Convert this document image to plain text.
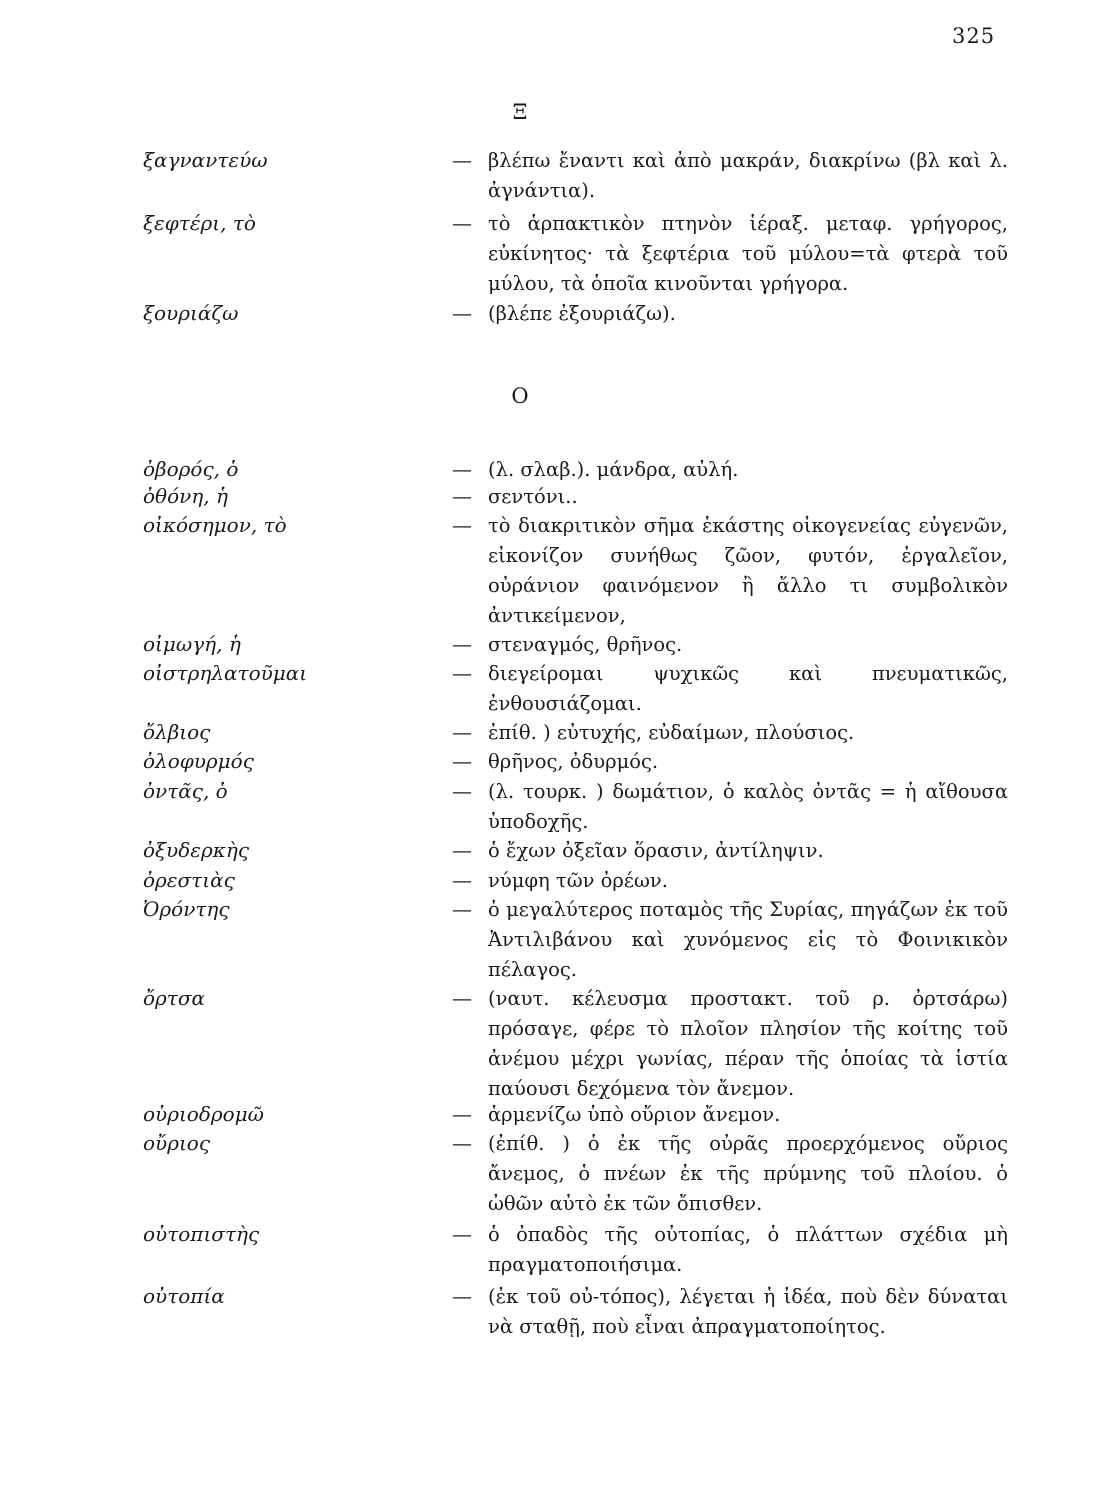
325
Ξ
ξαγναντεύω	— βλέπω ἔναντι καὶ ἀπὸ μακράν, διακρίνω (βλ καὶ λ. ἀγνάντια).
ξεφτέρι, τὸ	— τὸ ἁρπακτικὸν πτηνὸν ἱέραξ. μεταφ. γρήγορος, εὐκίνητος· τὰ ξεφτέρια τοῦ μύλου=τὰ φτερὰ τοῦ μύλου, τὰ ὁποῖα κινοῦνται γρήγορα.
ξουριάζω	— (βλέπε ἐξουριάζω).
Ο
ὀβορός, ὁ	— (λ. σλαβ.). μάνδρα, αὐλή.
ὀθόνη, ἡ	— σεντόνι..
οἰκόσημον, τὸ	— τὸ διακριτικὸν σῆμα ἑκάστης οἰκογενείας εὐγενῶν, εἰκονίζον συνήθως ζῶον, φυτόν, ἐργαλεῖον, οὐράνιον φαινόμενον ἢ ἄλλο τι συμβολικὸν ἀντικείμενον,
οἰμωγή, ἡ	— στεναγμός, θρῆνος.
οἰστρηλατοῦμαι	— διεγείρομαι ψυχικῶς καὶ πνευματικῶς, ἐνθουσιάζομαι.
ὄλβιος	— ἐπίθ. ) εὐτυχής, εὐδαίμων, πλούσιος.
ὀλοφυρμός	— θρῆνος, ὀδυρμός.
ὀντᾶς, ὁ	— (λ. τουρκ. ) δωμάτιον, ὁ καλὸς ὀντᾶς = ἡ αἴθουσα ὑποδοχῆς.
ὀξυδερκὴς	— ὁ ἔχων ὀξεῖαν ὅρασιν, ἀντίληψιν.
ὀρεστιὰς	— νύμφη τῶν ὀρέων.
Ὀρόντης	— ὁ μεγαλύτερος ποταμὸς τῆς Συρίας, πηγάζων ἐκ τοῦ Ἀντιλιβάνου καὶ χυνόμενος εἰς τὸ Φοινικικὸν πέλαγος.
ὄρτσα	— (ναυτ. κέλευσμα προστακτ. τοῦ ρ. ὀρτσάρω) πρόσαγε, φέρε τὸ πλοῖον πλησίον τῆς κοίτης τοῦ ἀνέμου μέχρι γωνίας, πέραν τῆς ὁποίας τὰ ἱστία παύουσι δεχόμενα τὸν ἄνεμον.
οὐριοδρομῶ	— ἁρμενίζω ὑπὸ οὔριον ἄνεμον.
οὔριος	— (ἐπίθ. ) ὁ ἐκ τῆς οὐρᾶς προερχόμενος οὔριος ἄνεμος, ὁ πνέων ἐκ τῆς πρύμνης τοῦ πλοίου. ὁ ὠθῶν αὐτὸ ἐκ τῶν ὄπισθεν.
οὐτοπιστὴς	— ὁ ὀπαδὸς τῆς οὐτοπίας, ὁ πλάττων σχέδια μὴ πραγματοποιήσιμα.
οὐτοπία	— (ἐκ τοῦ οὐ-τόπος), λέγεται ἡ ἰδέα, ποὺ δὲν δύναται νὰ σταθῇ, ποὺ εἶναι ἀπραγματοποίητος.
